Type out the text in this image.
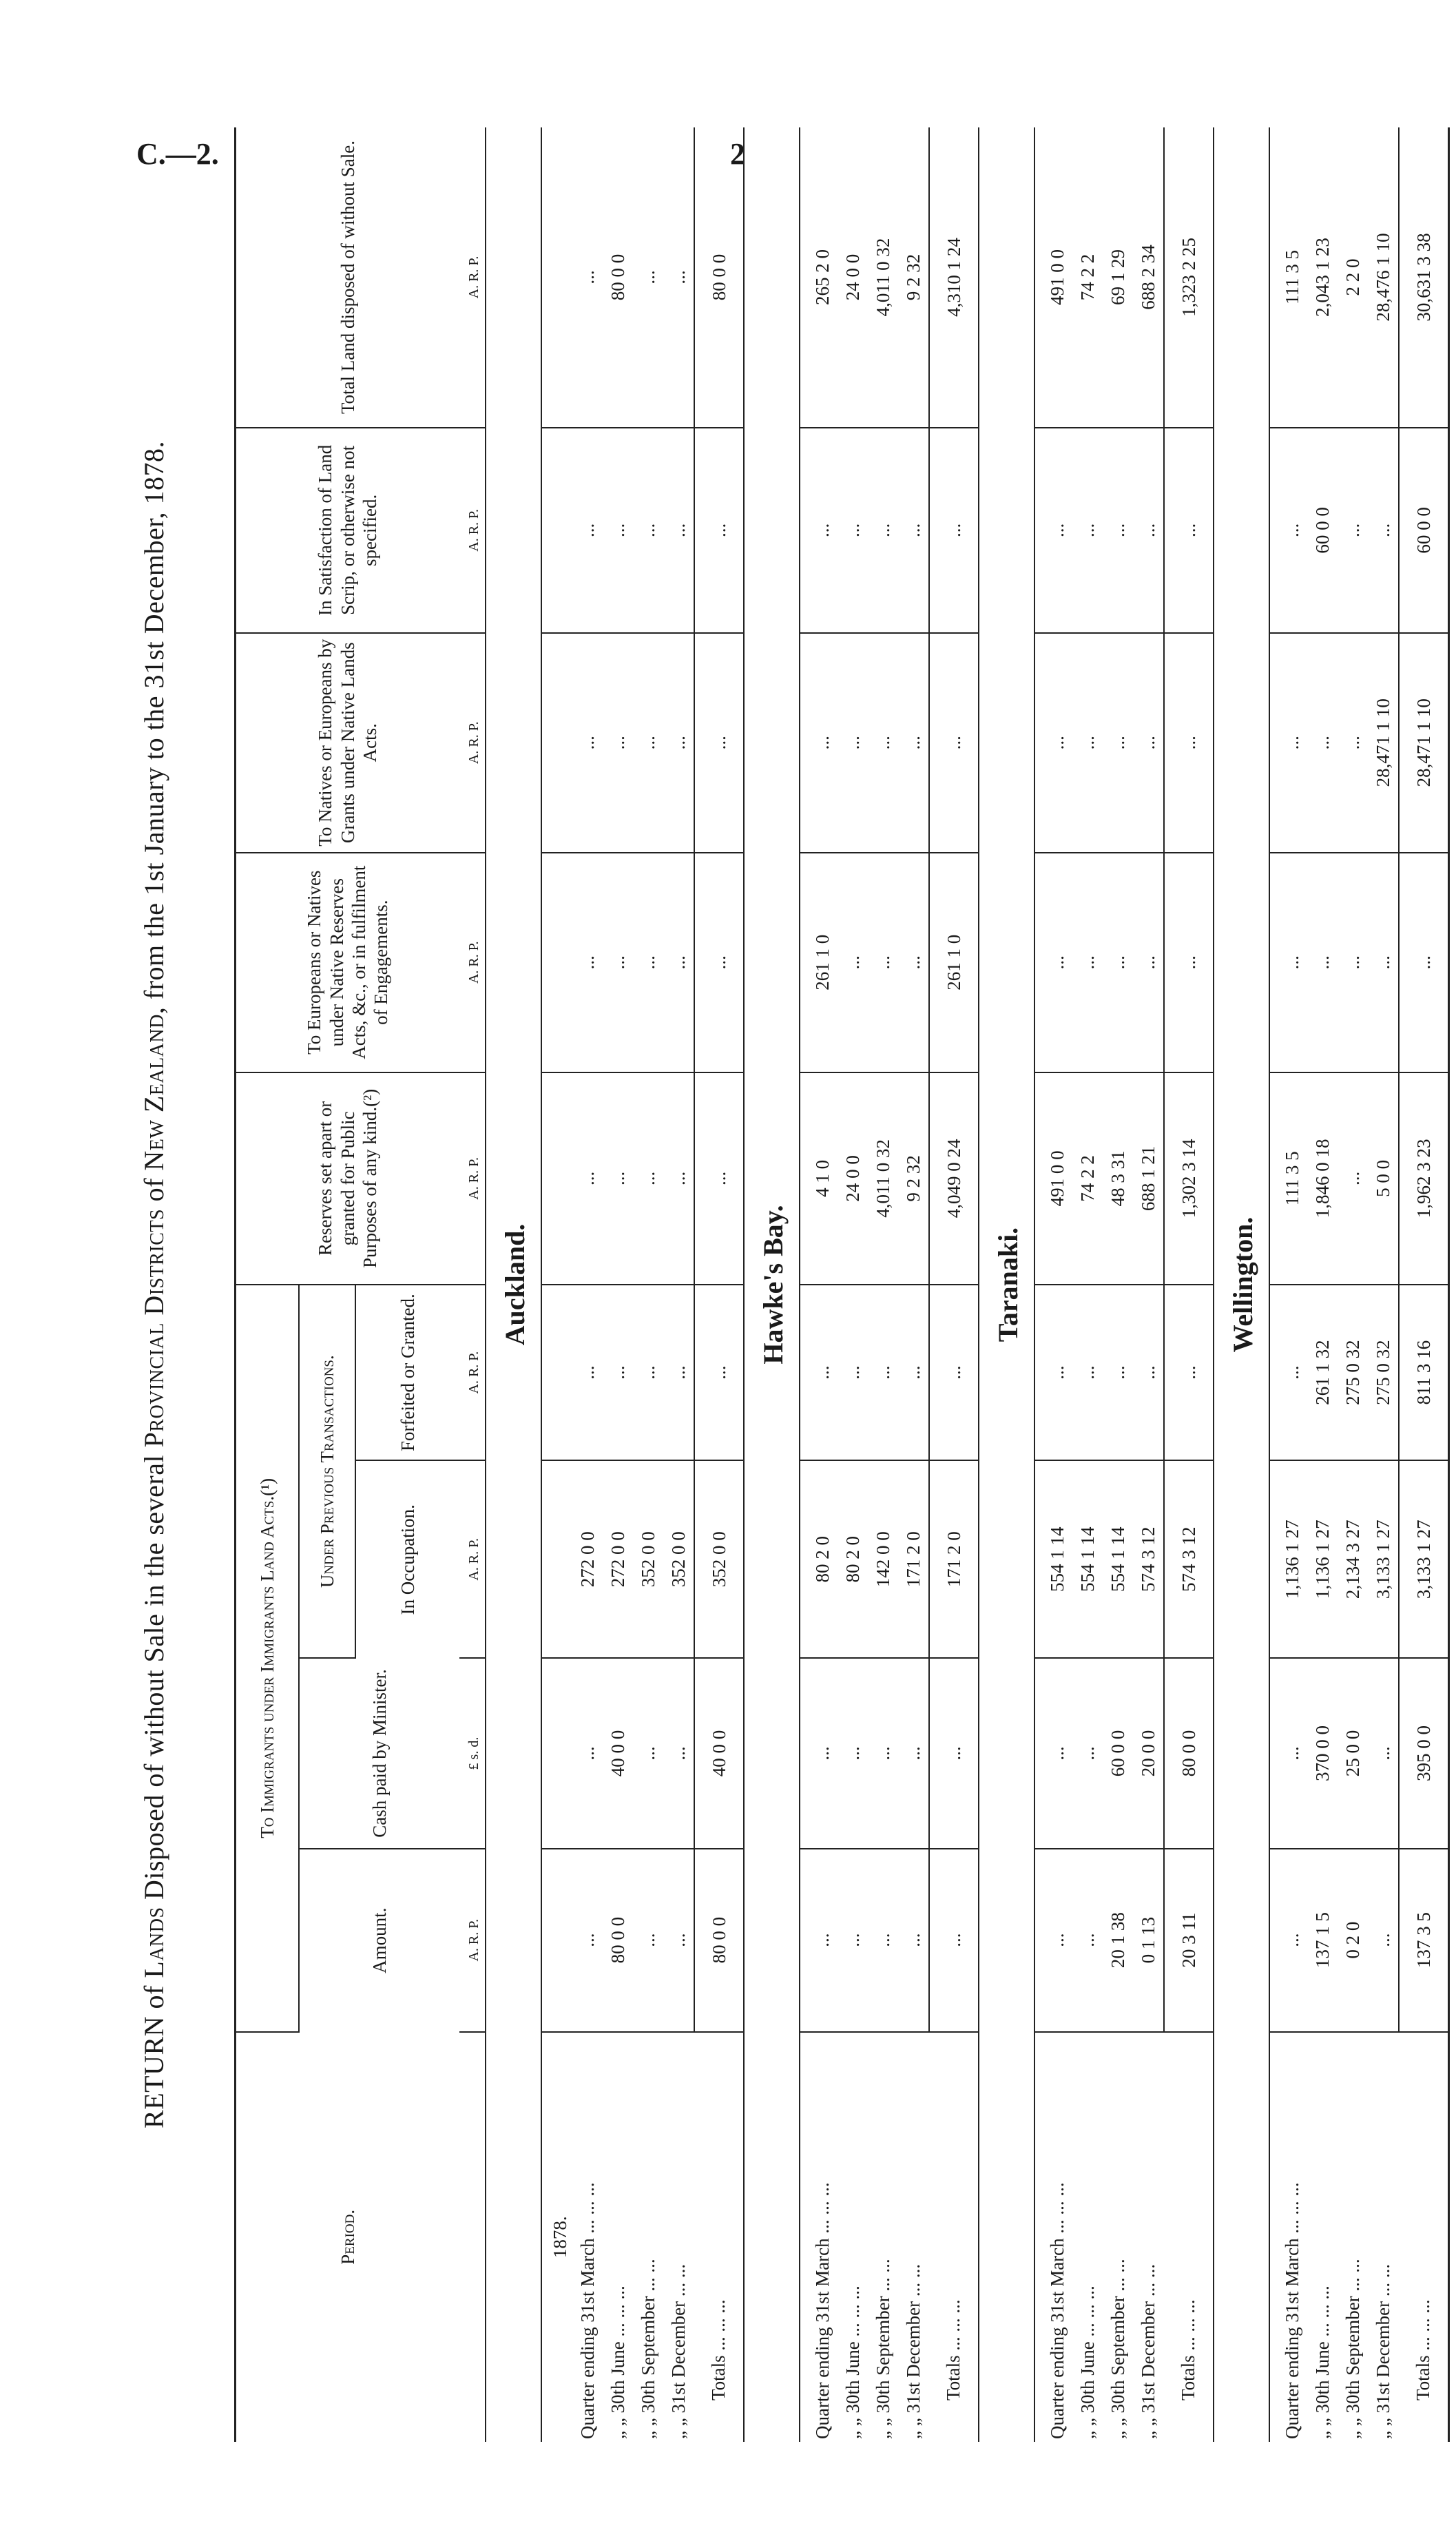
C.—2.	2
RETURN of Lands Disposed of without Sale in the several Provincial Districts of New Zealand, from the 1st January to the 31st December, 1878.
Period.	To Immigrants under Immigrants Land Acts.(¹)				Reserves set apart or granted for Public Purposes of any kind.(²)	To Europeans or Natives under Native Reserves Acts, &c., or in fulfilment of Engagements.	To Natives or Europeans by Grants under Native Lands Acts.	In Satisfaction of Land Scrip, or otherwise not specified.	Total Land disposed of without Sale.
	Amount.	Cash paid by Minister.	Under Previous Transactions.						
			In Occupation.	Forfeited or Granted.					
	A. R. P.	£ s. d.	A. R. P.	A. R. P.	A. R. P.	A. R. P.	A. R. P.	A. R. P.	A. R. P.
Auckland.									
1878.									
Quarter ending 31st March ... ... ...	...	...	272 0 0	...	...	...	...	...	...
„ „ 30th June ... ... ...	80 0 0	40 0 0	272 0 0	...	...	...	...	...	80 0 0
„ „ 30th September ... ...	...	...	352 0 0	...	...	...	...	...	...
„ „ 31st December ... ...	...	...	352 0 0	...	...	...	...	...	...
Totals ... ... ...	80 0 0	40 0 0	352 0 0	...	...	...	...	...	80 0 0
Hawke's Bay.									
Quarter ending 31st March ... ... ...	...	...	80 2 0	...	4 1 0	261 1 0	...	...	265 2 0
„ „ 30th June ... ... ...	...	...	80 2 0	...	24 0 0	...	...	...	24 0 0
„ „ 30th September ... ...	...	...	142 0 0	...	4,011 0 32	...	...	...	4,011 0 32
„ „ 31st December ... ...	...	...	171 2 0	...	9 2 32	...	...	...	9 2 32
Totals ... ... ...	...	...	171 2 0	...	4,049 0 24	261 1 0	...	...	4,310 1 24
Taranaki.									
Quarter ending 31st March ... ... ...	...	...	554 1 14	...	491 0 0	...	...	...	491 0 0
„ „ 30th June ... ... ...	...	...	554 1 14	...	74 2 2	...	...	...	74 2 2
„ „ 30th September ... ...	20 1 38	60 0 0	554 1 14	...	48 3 31	...	...	...	69 1 29
„ „ 31st December ... ...	0 1 13	20 0 0	574 3 12	...	688 1 21	...	...	...	688 2 34
Totals ... ... ...	20 3 11	80 0 0	574 3 12	...	1,302 3 14	...	...	...	1,323 2 25
Wellington.									
Quarter ending 31st March ... ... ...	...	...	1,136 1 27	...	111 3 5	...	...	...	111 3 5
„ „ 30th June ... ... ...	137 1 5	370 0 0	1,136 1 27	261 1 32	1,846 0 18	...	...	60 0 0	2,043 1 23
„ „ 30th September ... ...	0 2 0	25 0 0	2,134 3 27	275 0 32	...	...	...	...	2 2 0
„ „ 31st December ... ...	...	...	3,133 1 27	275 0 32	5 0 0	...	28,471 1 10	...	28,476 1 10
Totals ... ... ...	137 3 5	395 0 0	3,133 1 27	811 3 16	1,962 3 23	...	28,471 1 10	60 0 0	30,631 3 38
